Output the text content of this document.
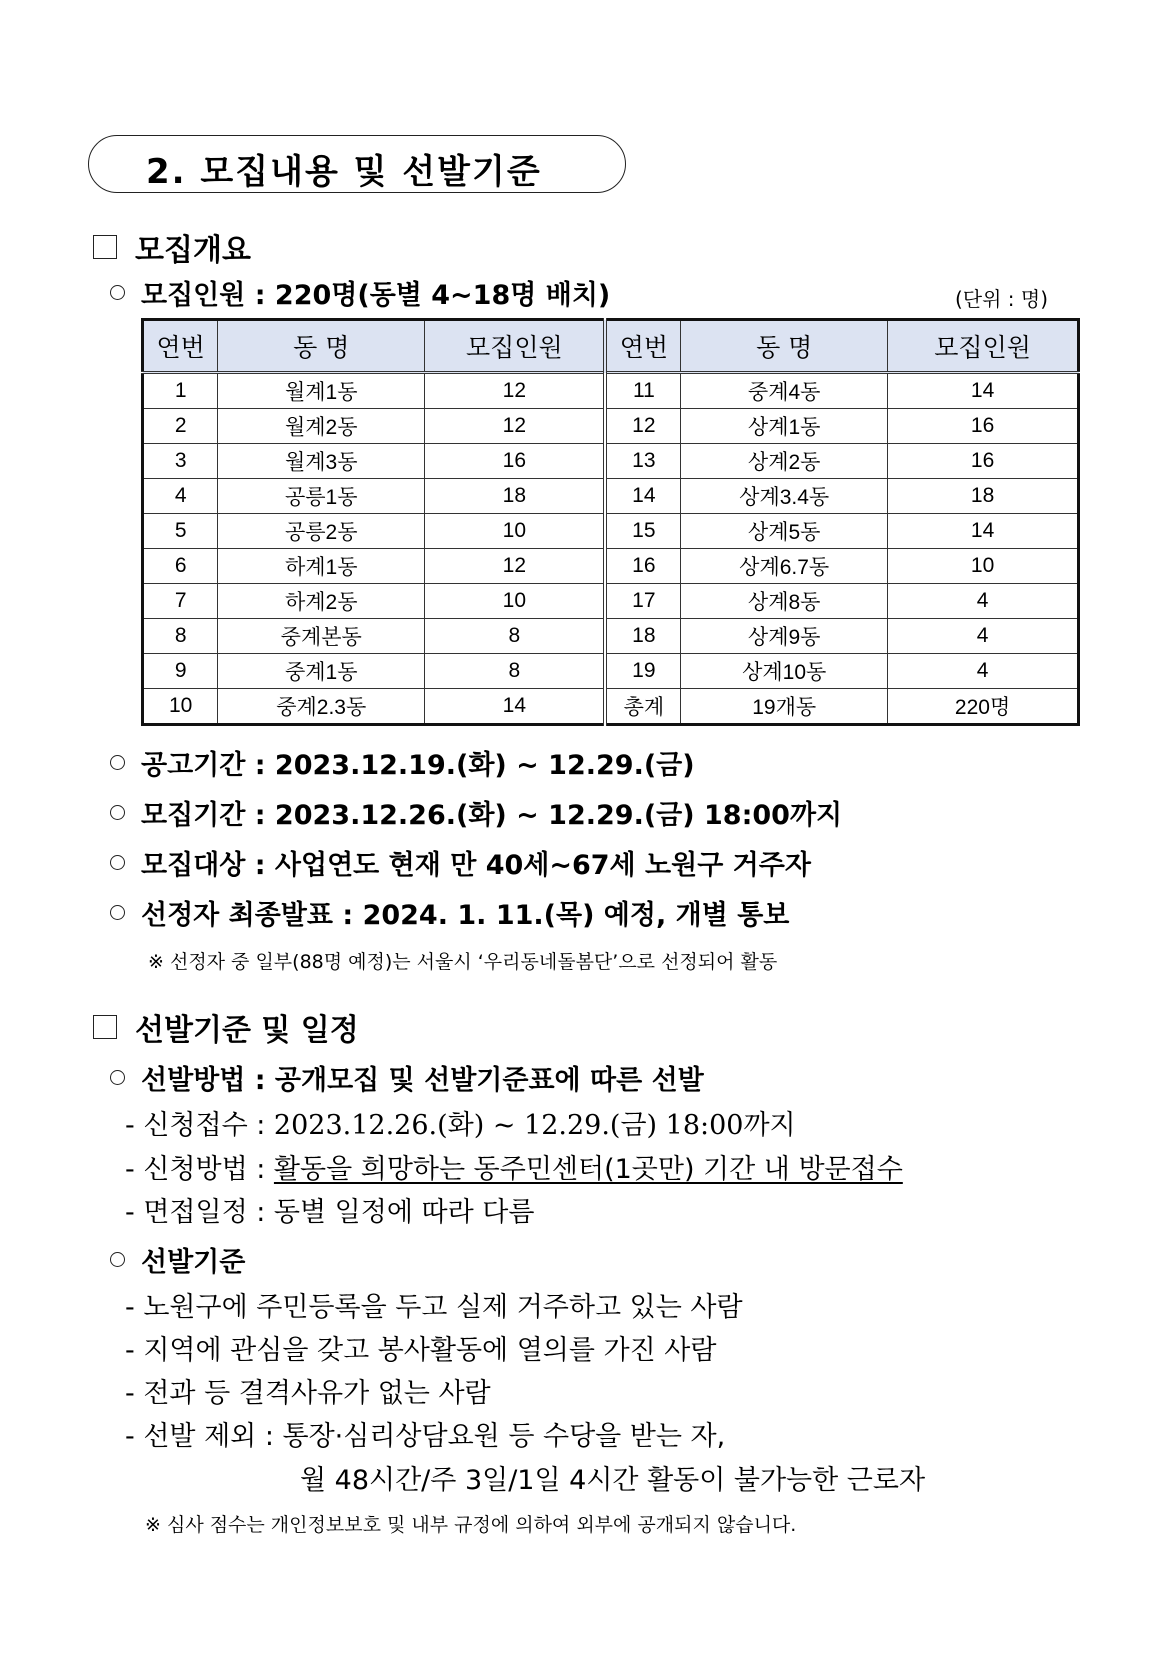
2. 모집내용 및 선발기준
모집개요
모집인원 : 220명(동별 4~18명 배치)	(단위 : 명)
연번	동 명	모집인원	연번	동 명	모집인원
1	월계1동	12	11	중계4동	14
2	월계2동	12	12	상계1동	16
3	월계3동	16	13	상계2동	16
4	공릉1동	18	14	상계3.4동	18
5	공릉2동	10	15	상계5동	14
6	하계1동	12	16	상계6.7동	10
7	하계2동	10	17	상계8동	4
8	중계본동	8	18	상계9동	4
9	중계1동	8	19	상계10동	4
10	중계2.3동	14	총계	19개동	220명
공고기간 : 2023.12.19.(화) ~ 12.29.(금)
모집기간 : 2023.12.26.(화) ~ 12.29.(금) 18:00까지
모집대상 : 사업연도 현재 만 40세~67세 노원구 거주자
선정자 최종발표 : 2024. 1. 11.(목) 예정, 개별 통보
※ 선정자 중 일부(88명 예정)는 서울시 ‘우리동네돌봄단’으로 선정되어 활동
선발기준 및 일정
선발방법 : 공개모집 및 선발기준표에 따른 선발
- 신청접수 : 2023.12.26.(화) ~ 12.29.(금) 18:00까지
- 신청방법 : 활동을 희망하는 동주민센터(1곳만) 기간 내 방문접수
- 면접일정 : 동별 일정에 따라 다름
선발기준
- 노원구에 주민등록을 두고 실제 거주하고 있는 사람
- 지역에 관심을 갖고 봉사활동에 열의를 가진 사람
- 전과 등 결격사유가 없는 사람
- 선발 제외 : 통장·심리상담요원 등 수당을 받는 자,
월 48시간/주 3일/1일 4시간 활동이 불가능한 근로자
※ 심사 점수는 개인정보보호 및 내부 규정에 의하여 외부에 공개되지 않습니다.
